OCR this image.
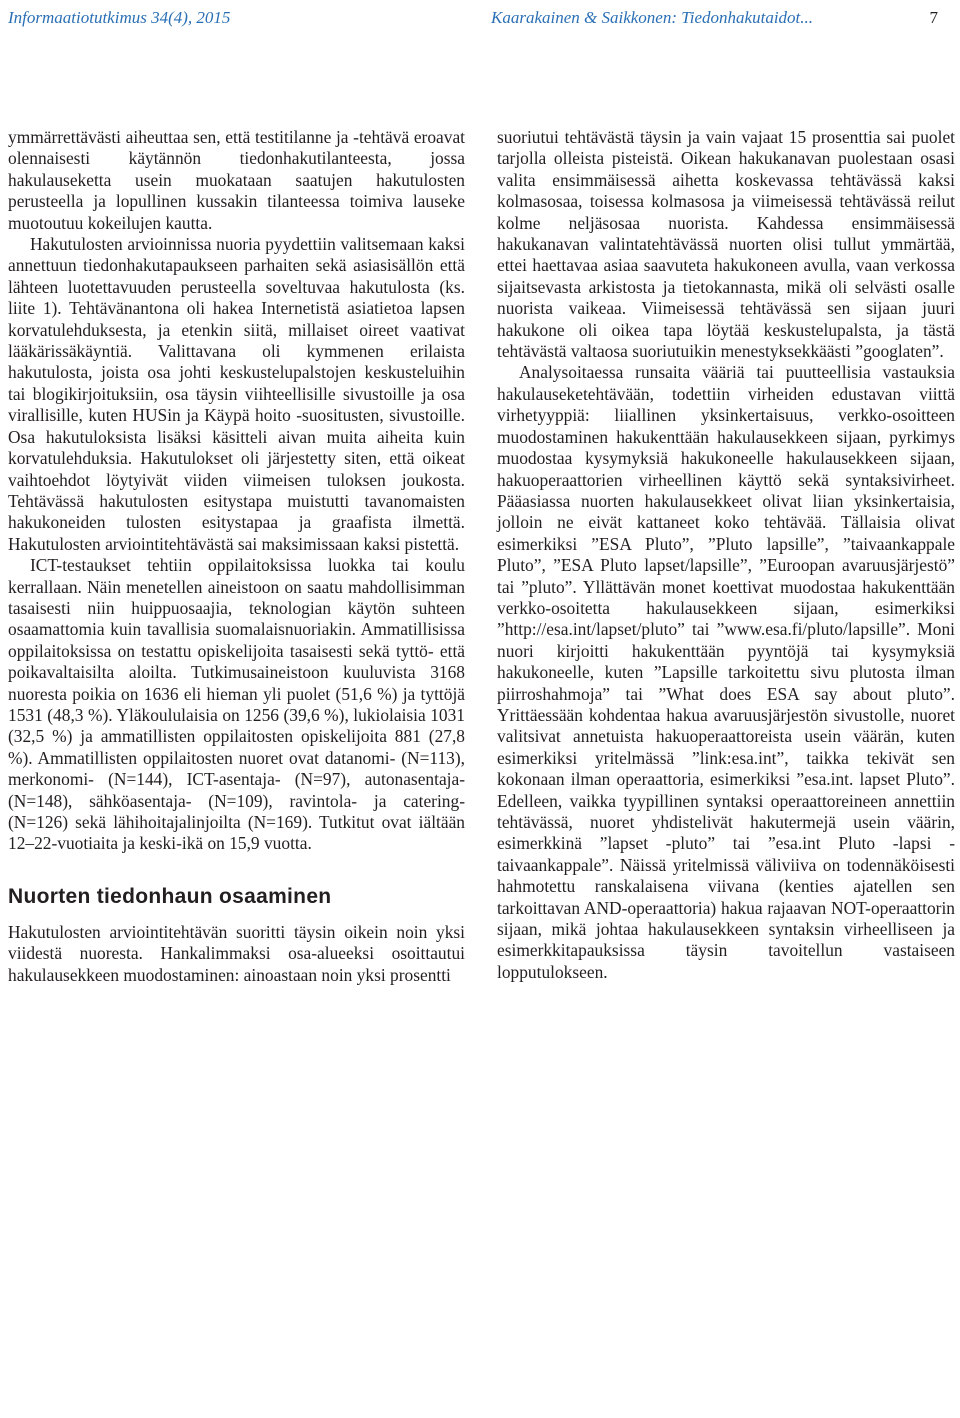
Informaatiotutkimus 34(4), 2015	Kaarakainen & Saikkonen: Tiedonhakutaidot...	7

ymmärrettävästi aiheuttaa sen, että testitilanne ja -tehtävä eroavat olennaisesti käytännön tiedonhakutilanteesta, jossa hakulauseketta usein muokataan saatujen hakutulosten perusteella ja lopullinen kussakin tilanteessa toimiva lauseke muotoutuu kokeilujen kautta.

Hakutulosten arvioinnissa nuoria pyydettiin valitsemaan kaksi annettuun tiedonhakutapaukseen parhaiten sekä asiasisällön että lähteen luotettavuuden perusteella soveltuvaa hakutulosta (ks. liite 1). Tehtävänantona oli hakea Internetistä asiatietoa lapsen korvatulehduksesta, ja etenkin siitä, millaiset oireet vaativat lääkärissäkäyntiä. Valittavana oli kymmenen erilaista hakutulosta, joista osa johti keskustelupalstojen keskusteluihin tai blogikirjoituksiin, osa täysin viihteellisille sivustoille ja osa virallisille, kuten HUSin ja Käypä hoito -suositusten, sivustoille. Osa hakutuloksista lisäksi käsitteli aivan muita aiheita kuin korvatulehduksia. Hakutulokset oli järjestetty siten, että oikeat vaihtoehdot löytyivät viiden viimeisen tuloksen joukosta. Tehtävässä hakutulosten esitystapa muistutti tavanomaisten hakukoneiden tulosten esitystapaa ja graafista ilmettä. Hakutulosten arviointitehtävästä sai maksimissaan kaksi pistettä.

ICT-testaukset tehtiin oppilaitoksissa luokka tai koulu kerrallaan. Näin menetellen aineistoon on saatu mahdollisimman tasaisesti niin huippuosaajia, teknologian käytön suhteen osaamattomia kuin tavallisia suomalaisnuoriakin. Ammatillisissa oppilaitoksissa on testattu opiskelijoita tasaisesti sekä tyttö- että poikavaltaisilta aloilta. Tutkimusaineistoon kuuluvista 3168 nuoresta poikia on 1636 eli hieman yli puolet (51,6 %) ja tyttöjä 1531 (48,3 %). Yläkoululaisia on 1256 (39,6 %), lukiolaisia 1031 (32,5 %) ja ammatillisten oppilaitosten opiskelijoita 881 (27,8 %). Ammatillisten oppilaitosten nuoret ovat datanomi- (N=113), merkonomi- (N=144), ICT-asentaja- (N=97), autonasentaja- (N=148), sähköasentaja- (N=109), ravintola- ja catering- (N=126) sekä lähihoitajalinjoilta (N=169). Tutkitut ovat iältään 12–22-vuotiaita ja keski-ikä on 15,9 vuotta.

Nuorten tiedonhaun osaaminen

Hakutulosten arviointitehtävän suoritti täysin oikein noin yksi viidestä nuoresta. Hankalimmaksi osa-alueeksi osoittautui hakulausekkeen muodostaminen: ainoastaan noin yksi prosentti

suoriutui tehtävästä täysin ja vain vajaat 15 prosenttia sai puolet tarjolla olleista pisteistä. Oikean hakukanavan puolestaan osasi valita ensimmäisessä aihetta koskevassa tehtävässä kaksi kolmasosaa, toisessa kolmasosa ja viimeisessä tehtävässä reilut kolme neljäsosaa nuorista. Kahdessa ensimmäisessä hakukanavan valintatehtävässä nuorten olisi tullut ymmärtää, ettei haettavaa asiaa saavuteta hakukoneen avulla, vaan verkossa sijaitsevasta arkistosta ja tietokannasta, mikä oli selvästi osalle nuorista vaikeaa. Viimeisessä tehtävässä sen sijaan juuri hakukone oli oikea tapa löytää keskustelupalsta, ja tästä tehtävästä valtaosa suoriutuikin menestyksekkäästi ”googlaten”.

Analysoitaessa runsaita vääriä tai puutteellisia vastauksia hakulauseketehtävään, todettiin virheiden edustavan viittä virhetyyppiä: liiallinen yksinkertaisuus, verkko-osoitteen muodostaminen hakukenttään hakulausekkeen sijaan, pyrkimys muodostaa kysymyksiä hakukoneelle hakulausekkeen sijaan, hakuoperaattorien virheellinen käyttö sekä syntaksivirheet. Pääasiassa nuorten hakulausekkeet olivat liian yksinkertaisia, jolloin ne eivät kattaneet koko tehtävää. Tällaisia olivat esimerkiksi ”ESA Pluto”, ”Pluto lapsille”, ”taivaankappale Pluto”, ”ESA Pluto lapset/lapsille”, ”Euroopan avaruusjärjestö” tai ”pluto”. Yllättävän monet koettivat muodostaa hakukenttään verkko-osoitetta hakulausekkeen sijaan, esimerkiksi ”http://esa.int/lapset/pluto” tai ”www.esa.fi/pluto/lapsille”. Moni nuori kirjoitti hakukenttään pyyntöjä tai kysymyksiä hakukoneelle, kuten ”Lapsille tarkoitettu sivu plutosta ilman piirroshahmoja” tai ”What does ESA say about pluto”. Yrittäessään kohdentaa hakua avaruusjärjestön sivustolle, nuoret valitsivat annetuista hakuoperaattoreista usein väärän, kuten esimerkiksi yritelmässä ”link:esa.int”, taikka tekivät sen kokonaan ilman operaattoria, esimerkiksi ”esa.int. lapset Pluto”. Edelleen, vaikka tyypillinen syntaksi operaattoreineen annettiin tehtävässä, nuoret yhdistelivät hakutermejä usein väärin, esimerkkinä ”lapset -pluto” tai ”esa.int Pluto -lapsi -taivaankappale”. Näissä yritelmissä väliviiva on todennäköisesti hahmotettu ranskalaisena viivana (kenties ajatellen sen tarkoittavan AND-operaattoria) hakua rajaavan NOT-operaattorin sijaan, mikä johtaa hakulausekkeen syntaksin virheelliseen ja esimerkkitapauksissa täysin tavoitellun vastaiseen lopputulokseen.
